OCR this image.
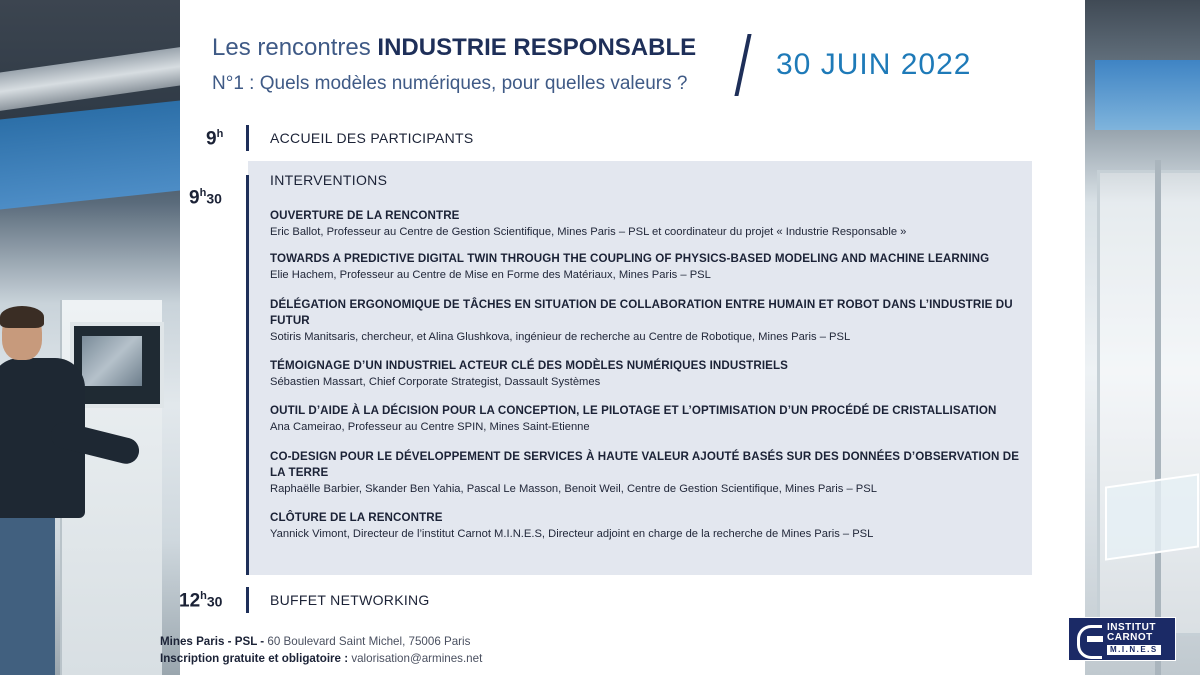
Les rencontres INDUSTRIE RESPONSABLE
N°1 : Quels modèles numériques, pour quelles valeurs ?
30 JUIN 2022
9$^h$	ACCUEIL DES PARTICIPANTS
9$^h$30
INTERVENTIONS
OUVERTURE DE LA RENCONTRE
Eric Ballot, Professeur au Centre de Gestion Scientifique, Mines Paris – PSL et coordinateur du projet « Industrie Responsable »
TOWARDS A PREDICTIVE DIGITAL TWIN THROUGH THE COUPLING OF PHYSICS-BASED MODELING AND MACHINE LEARNING
Elie Hachem, Professeur au Centre de Mise en Forme des Matériaux, Mines Paris – PSL
DÉLÉGATION ERGONOMIQUE DE TÂCHES EN SITUATION DE COLLABORATION ENTRE HUMAIN ET ROBOT DANS L’INDUSTRIE DU FUTUR
Sotiris Manitsaris, chercheur, et Alina Glushkova, ingénieur de recherche au Centre de Robotique, Mines Paris – PSL
TÉMOIGNAGE D’UN INDUSTRIEL ACTEUR CLÉ DES MODÈLES NUMÉRIQUES INDUSTRIELS
Sébastien Massart, Chief Corporate Strategist, Dassault Systèmes
OUTIL D’AIDE À LA DÉCISION POUR LA CONCEPTION, LE PILOTAGE ET L’OPTIMISATION D’UN PROCÉDÉ DE CRISTALLISATION
Ana Cameirao, Professeur au Centre SPIN, Mines Saint-Etienne
CO-DESIGN POUR LE DÉVELOPPEMENT DE SERVICES À HAUTE VALEUR AJOUTÉ BASÉS SUR DES DONNÉES D’OBSERVATION DE LA TERRE
Raphaëlle Barbier, Skander Ben Yahia, Pascal Le Masson, Benoit Weil, Centre de Gestion Scientifique, Mines Paris – PSL
CLÔTURE DE LA RENCONTRE
Yannick Vimont, Directeur de l’institut Carnot M.I.N.E.S, Directeur adjoint en charge de la recherche de Mines Paris – PSL
12$^h$30	BUFFET NETWORKING
Mines Paris - PSL - 60 Boulevard Saint Michel, 75006 Paris
Inscription gratuite et obligatoire : valorisation@armines.net
INSTITUT
CARNOT
M.I.N.E.S
